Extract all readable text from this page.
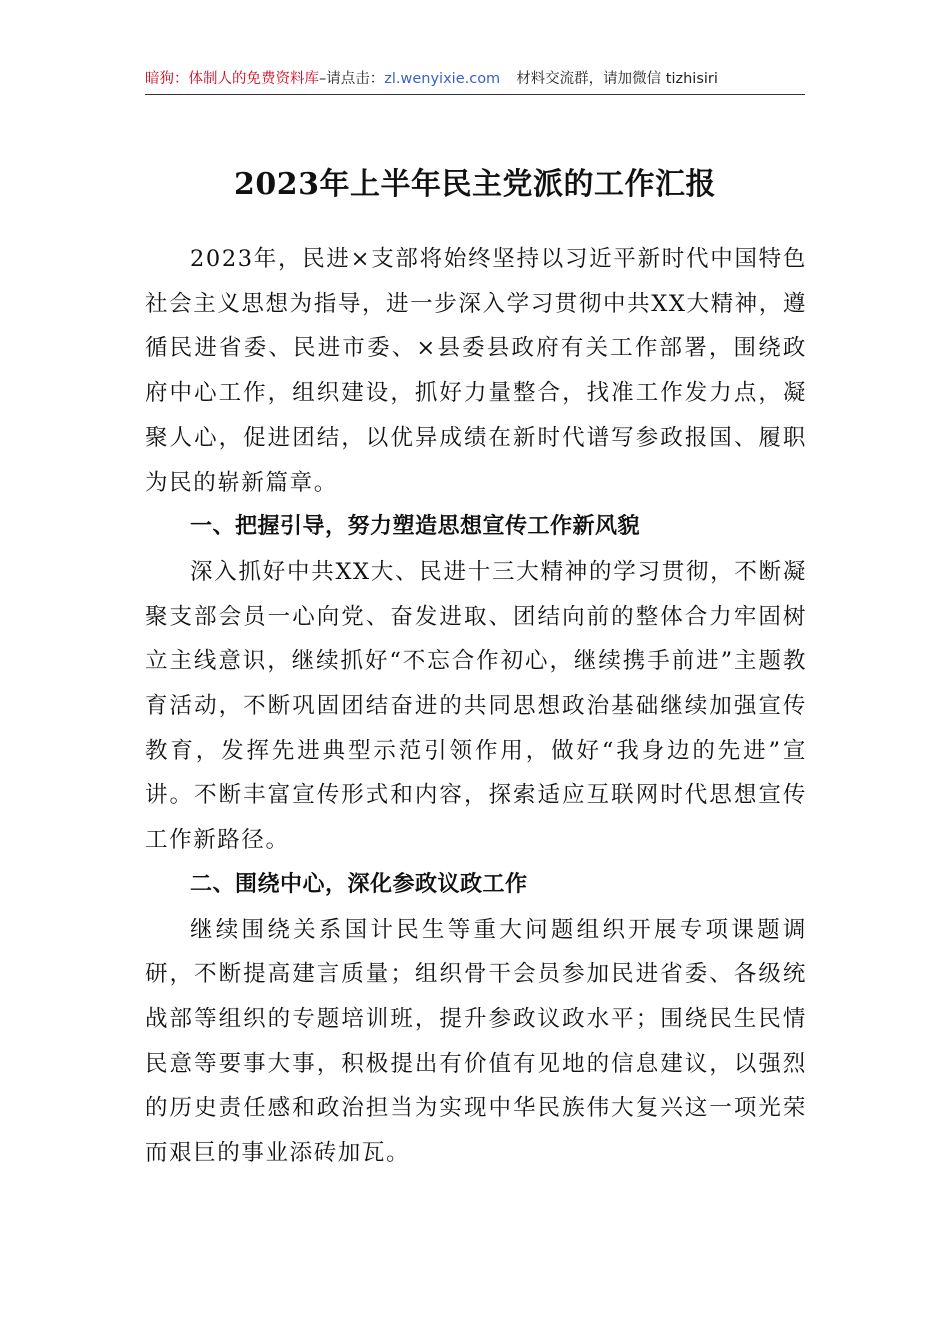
暗狗：体制人的免费资料库–请点击：zl.wenyixie.com 材料交流群，请加微信 tizhisiri
2023年上半年民主党派的工作汇报

2023年，民进×支部将始终坚持以习近平新时代中国特色社会主义思想为指导，进一步深入学习贯彻中共XX大精神，遵循民进省委、民进市委、×县委县政府有关工作部署，围绕政府中心工作，组织建设，抓好力量整合，找准工作发力点，凝聚人心，促进团结，以优异成绩在新时代谱写参政报国、履职为民的崭新篇章。

一、把握引导，努力塑造思想宣传工作新风貌

深入抓好中共XX大、民进十三大精神的学习贯彻，不断凝聚支部会员一心向党、奋发进取、团结向前的整体合力牢固树立主线意识，继续抓好“不忘合作初心，继续携手前进”主题教育活动，不断巩固团结奋进的共同思想政治基础继续加强宣传教育，发挥先进典型示范引领作用，做好“我身边的先进”宣讲。不断丰富宣传形式和内容，探索适应互联网时代思想宣传工作新路径。

二、围绕中心，深化参政议政工作

继续围绕关系国计民生等重大问题组织开展专项课题调研，不断提高建言质量；组织骨干会员参加民进省委、各级统战部等组织的专题培训班，提升参政议政水平；围绕民生民情民意等要事大事，积极提出有价值有见地的信息建议，以强烈的历史责任感和政治担当为实现中华民族伟大复兴这一项光荣而艰巨的事业添砖加瓦。
